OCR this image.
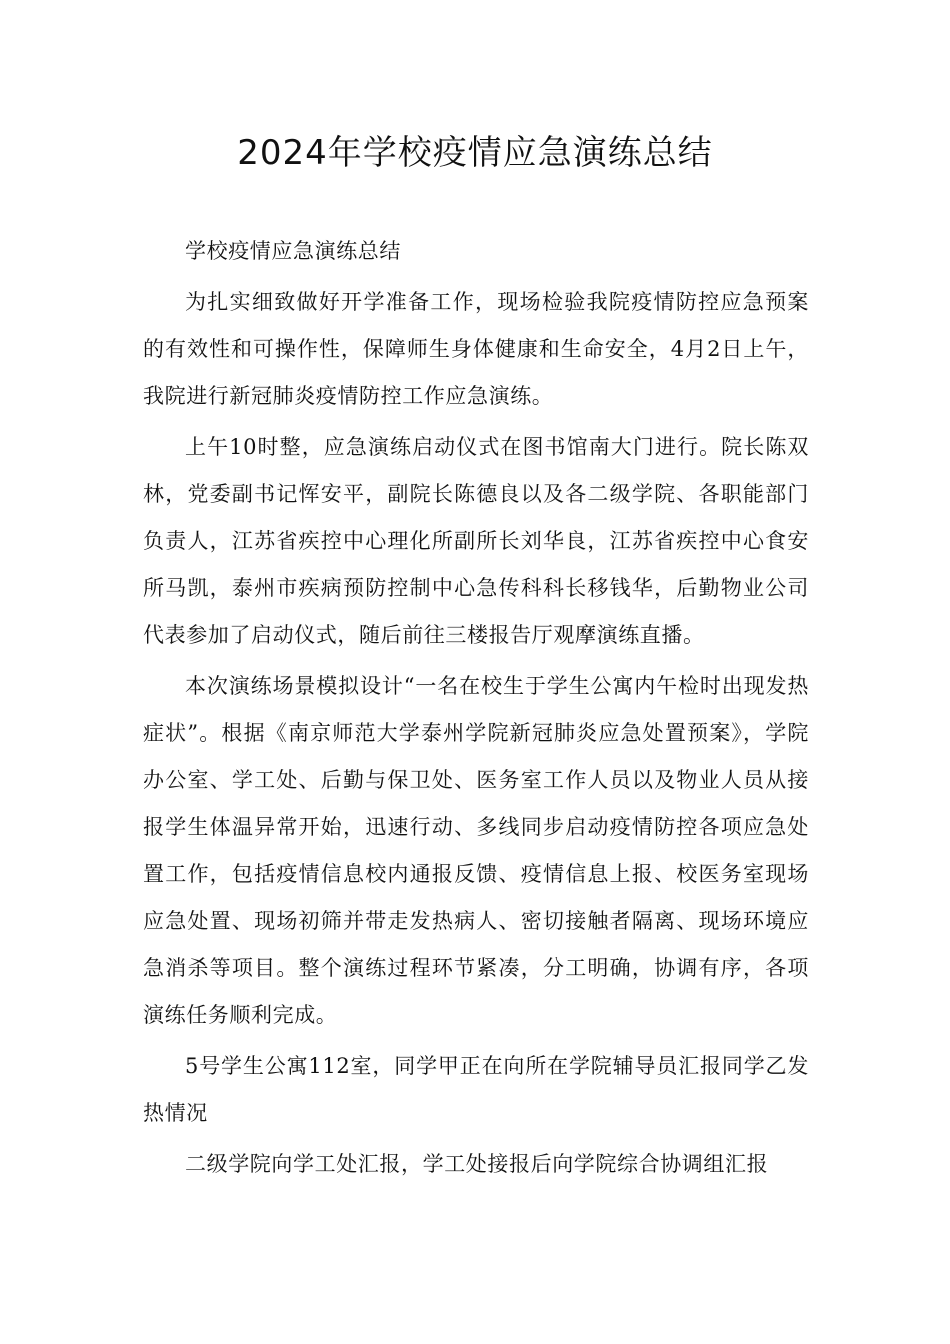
2024年学校疫情应急演练总结

学校疫情应急演练总结

为扎实细致做好开学准备工作，现场检验我院疫情防控应急预案的有效性和可操作性，保障师生身体健康和生命安全，4月2日上午，我院进行新冠肺炎疫情防控工作应急演练。

上午10时整，应急演练启动仪式在图书馆南大门进行。院长陈双林，党委副书记恽安平，副院长陈德良以及各二级学院、各职能部门负责人，江苏省疾控中心理化所副所长刘华良，江苏省疾控中心食安所马凯，泰州市疾病预防控制中心急传科科长移钱华，后勤物业公司代表参加了启动仪式，随后前往三楼报告厅观摩演练直播。

本次演练场景模拟设计“一名在校生于学生公寓内午检时出现发热症状”。根据《南京师范大学泰州学院新冠肺炎应急处置预案》，学院办公室、学工处、后勤与保卫处、医务室工作人员以及物业人员从接报学生体温异常开始，迅速行动、多线同步启动疫情防控各项应急处置工作，包括疫情信息校内通报反馈、疫情信息上报、校医务室现场应急处置、现场初筛并带走发热病人、密切接触者隔离、现场环境应急消杀等项目。整个演练过程环节紧凑，分工明确，协调有序，各项演练任务顺利完成。

5号学生公寓112室，同学甲正在向所在学院辅导员汇报同学乙发热情况

二级学院向学工处汇报，学工处接报后向学院综合协调组汇报
